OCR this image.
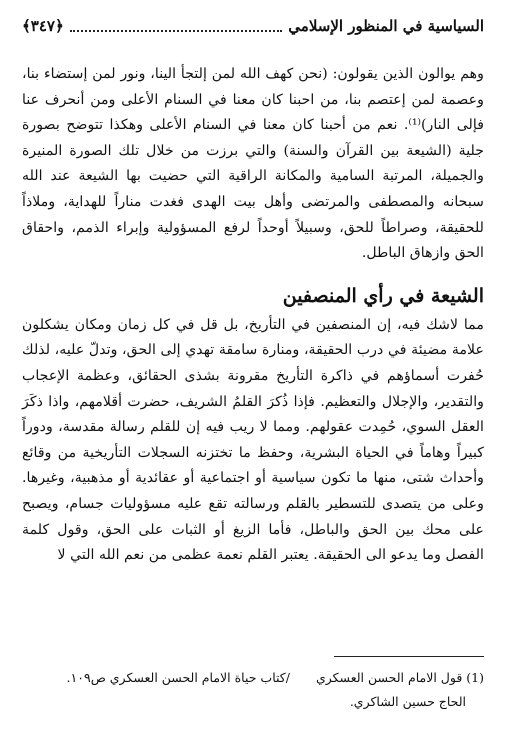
السياسية في المنظور الإسلامي
﴿٣٤٧﴾

وهم يوالون الذين يقولون: (نحن كهف الله لمن إلتجأ الينا، ونور لمن إستضاء بنا، وعصمة لمن إعتصم بنا، من احبنا كان معنا في السنام الأعلى ومن أنحرف عنا فإلى النار)⁽¹⁾. نعم من أحبنا كان معنا في السنام الأعلى وهكذا تتوضح بصورة جلية (الشيعة بين القرآن والسنة) والتي برزت من خلال تلك الصورة المنيرة والجميلة، المرتبة السامية والمكانة الراقية التي حضيت بها الشيعة عند الله سبحانه والمصطفى والمرتضى وأهل بيت الهدى فغدت مناراً للهداية، وملاذاً للحقيقة، وصراطاً للحق، وسبيلاً أوحداً لرفع المسؤولية وإبراء الذمم، واحقاق الحق وازهاق الباطل.

الشيعة في رأي المنصفين

مما لاشك فيه، إن المنصفين في التأريخ، بل قل في كل زمان ومكان يشكلون علامة مضيئة في درب الحقيقة، ومنارة سامقة تهدي إلى الحق، وتدلّ عليه، لذلك حُفرت أسماؤهم في ذاكرة التأريخ مقرونة بشذى الحقائق، وعظمة الإعجاب والتقدير، والإجلال والتعظيم. فإذا ذُكرَ القلمُ الشريف، حضرت أقلامهم، واذا ذكَرَ العقل السوي، حُمِدت عقولهم. ومما لا ريب فيه إن للقلم رسالة مقدسة، ودوراً كبيراً وهاماً في الحياة البشرية، وحفظ ما تختزنه السجلات التأريخية من وقائع وأحداث شتى، منها ما تكون سياسية أو اجتماعية أو عقائدية أو مذهبية، وغيرها. وعلى من يتصدى للتسطير بالقلم ورسالته تقع عليه مسؤوليات جسام، ويصبح على محك بين الحق والباطل، فأما الزيغ أو الثبات على الحق، وقول كلمة الفصل وما يدعو الى الحقيقة. يعتبر القلم نعمة عظمى من نعم الله التي لا

(1) قول الامام الحسن العسكري/كتاب حياة الامام الحسن العسكري ص١٠٩.
الحاج حسين الشاكري.
